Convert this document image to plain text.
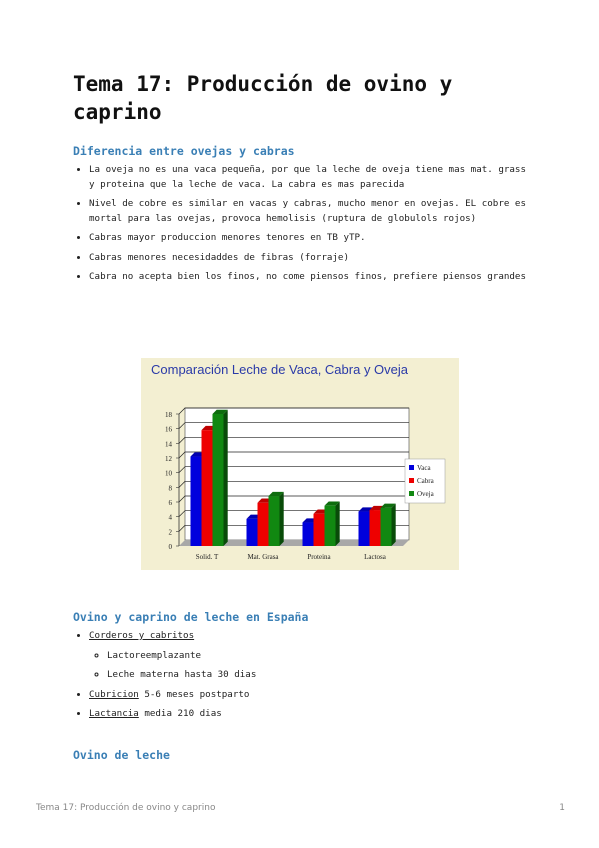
Tema 17: Producción de ovino y caprino
Diferencia entre ovejas y cabras
• La oveja no es una vaca pequeña, por que la leche de oveja tiene mas mat. grass y proteina que la leche de vaca. La cabra es mas parecida
• Nivel de cobre es similar en vacas y cabras, mucho menor en ovejas. EL cobre es mortal para las ovejas, provoca hemolisis (ruptura de globulols rojos)
• Cabras mayor produccion menores tenores en TB yTP.
• Cabras menores necesidaddes de fibras (forraje)
• Cabra no acepta bien los finos, no come piensos finos, prefiere piensos grandes
Comparación Leche de Vaca, Cabra y Oveja
0
2
4
6
8
10
12
14
16
18
Solid. T	Mat. Grasa	Proteina	Lactosa
Vaca
Cabra
Oveja
Ovino y caprino de leche en España
• Corderos y cabritos
◦ Lactoreemplazante
◦ Leche materna hasta 30 dias
• Cubricion 5-6 meses postparto
• Lactancia media 210 dias
Ovino de leche
Tema 17: Producción de ovino y caprino	1
